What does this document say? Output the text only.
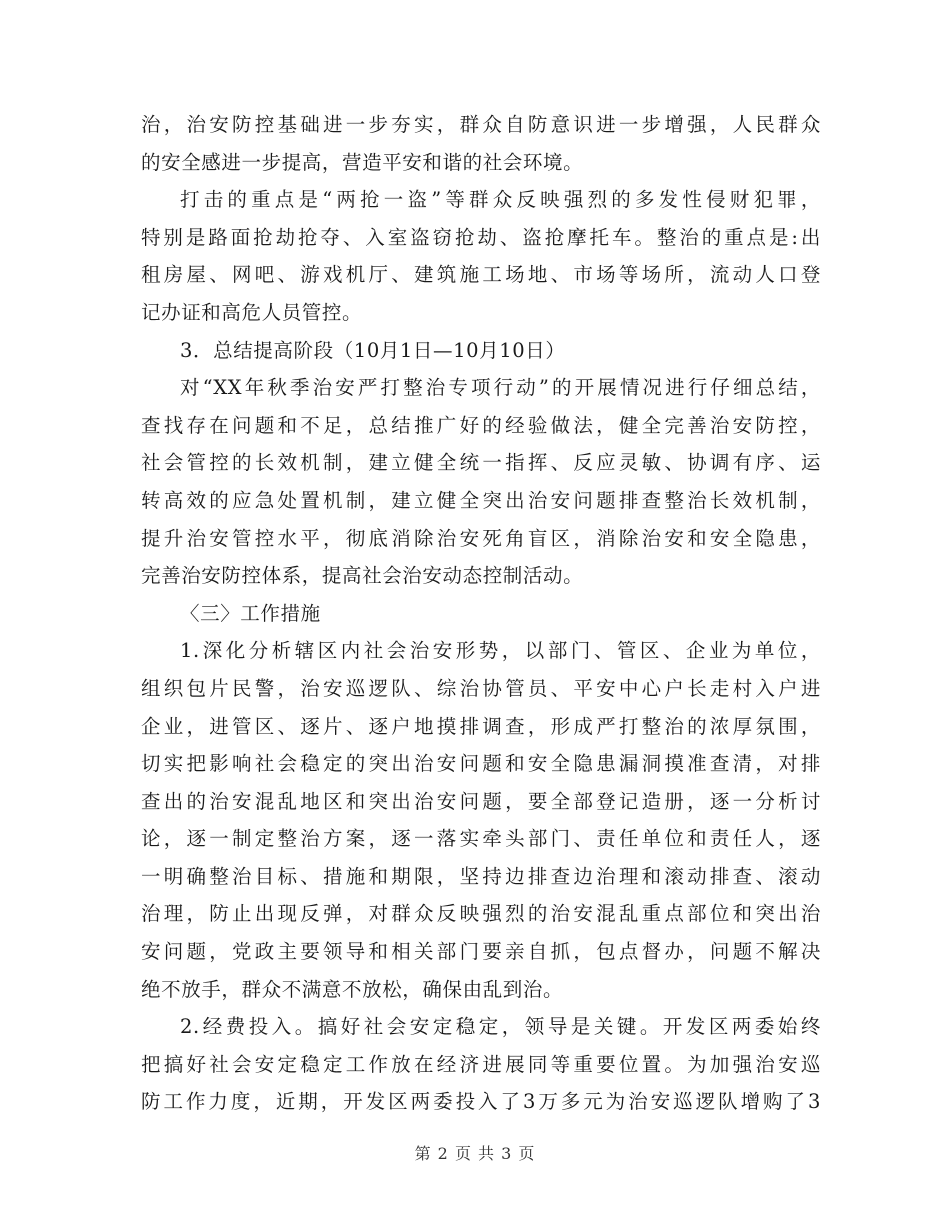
治，治安防控基础进一步夯实，群众自防意识进一步增强，人民群众
的安全感进一步提高，营造平安和谐的社会环境。
打击的重点是“两抢一盗”等群众反映强烈的多发性侵财犯罪，
特别是路面抢劫抢夺、入室盗窃抢劫、盗抢摩托车。整治的重点是:出
租房屋、网吧、游戏机厅、建筑施工场地、市场等场所，流动人口登
记办证和高危人员管控。
3．总结提高阶段（10月1日—10月10日）
对“XX年秋季治安严打整治专项行动”的开展情况进行仔细总结，
查找存在问题和不足，总结推广好的经验做法，健全完善治安防控，
社会管控的长效机制，建立健全统一指挥、反应灵敏、协调有序、运
转高效的应急处置机制，建立健全突出治安问题排查整治长效机制，
提升治安管控水平，彻底消除治安死角盲区，消除治安和安全隐患，
完善治安防控体系，提高社会治安动态控制活动。
〈三〉工作措施
1.深化分析辖区内社会治安形势，以部门、管区、企业为单位，
组织包片民警，治安巡逻队、综治协管员、平安中心户长走村入户进
企业，进管区、逐片、逐户地摸排调查，形成严打整治的浓厚氛围，
切实把影响社会稳定的突出治安问题和安全隐患漏洞摸准查清，对排
查出的治安混乱地区和突出治安问题，要全部登记造册，逐一分析讨
论，逐一制定整治方案，逐一落实牵头部门、责任单位和责任人，逐
一明确整治目标、措施和期限，坚持边排查边治理和滚动排查、滚动
治理，防止出现反弹，对群众反映强烈的治安混乱重点部位和突出治
安问题，党政主要领导和相关部门要亲自抓，包点督办，问题不解决
绝不放手，群众不满意不放松，确保由乱到治。
2.经费投入。搞好社会安定稳定，领导是关键。开发区两委始终
把搞好社会安定稳定工作放在经济进展同等重要位置。为加强治安巡
防工作力度，近期，开发区两委投入了3万多元为治安巡逻队增购了3
第 2 页 共 3 页
